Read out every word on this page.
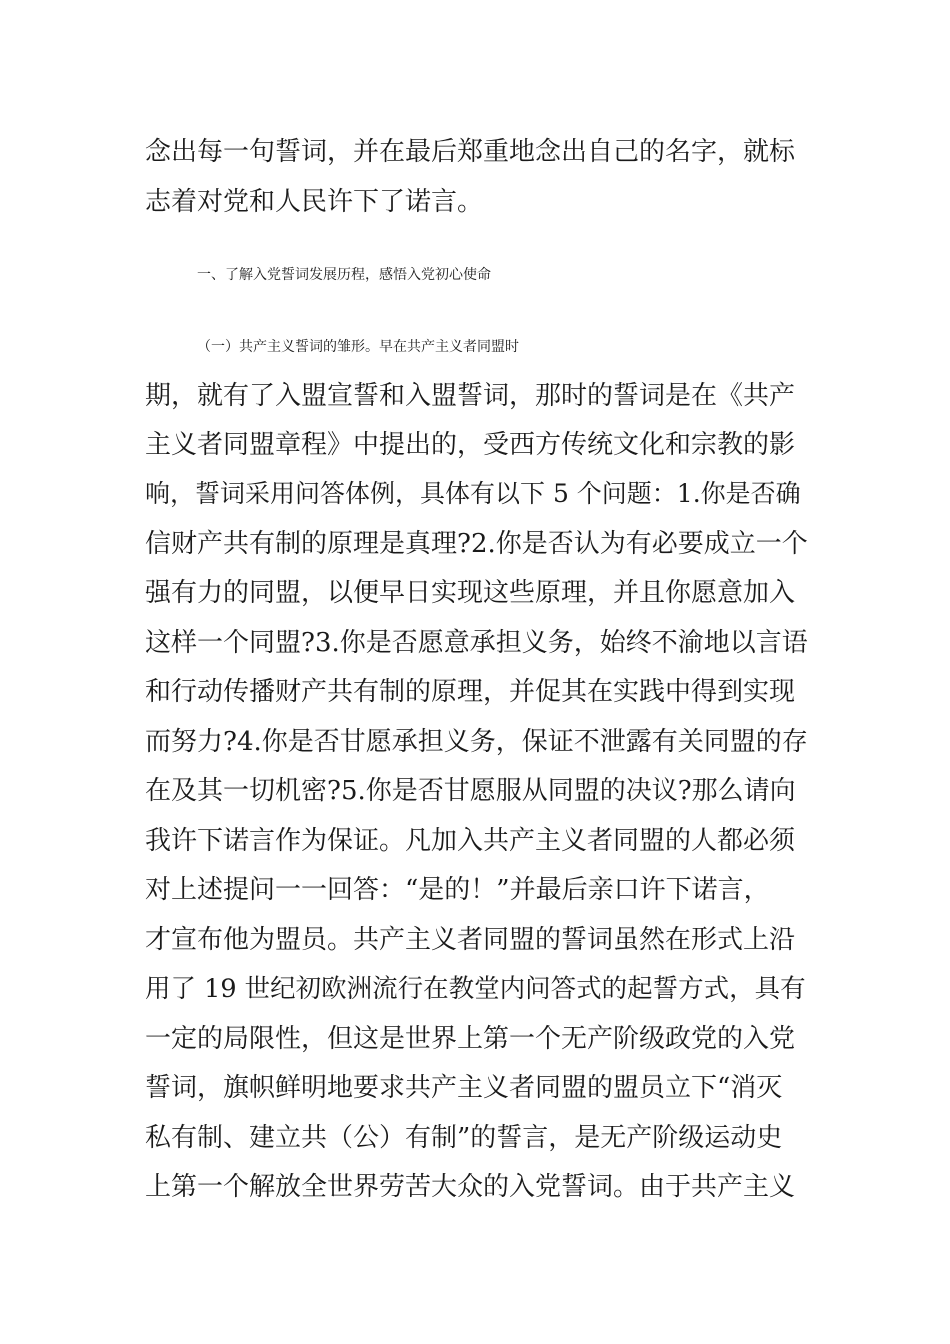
念出每一句誓词，并在最后郑重地念出自己的名字，就标
志着对党和人民许下了诺言。
一、了解入党誓词发展历程，感悟入党初心使命
（一）共产主义誓词的雏形。早在共产主义者同盟时
期，就有了入盟宣誓和入盟誓词，那时的誓词是在《共产
主义者同盟章程》中提出的，受西方传统文化和宗教的影
响，誓词采用问答体例，具体有以下 5 个问题：1.你是否确
信财产共有制的原理是真理?2.你是否认为有必要成立一个
强有力的同盟，以便早日实现这些原理，并且你愿意加入
这样一个同盟?3.你是否愿意承担义务，始终不渝地以言语
和行动传播财产共有制的原理，并促其在实践中得到实现
而努力?4.你是否甘愿承担义务，保证不泄露有关同盟的存
在及其一切机密?5.你是否甘愿服从同盟的决议?那么请向
我许下诺言作为保证。凡加入共产主义者同盟的人都必须
对上述提问一一回答：“是的！”并最后亲口许下诺言，
才宣布他为盟员。共产主义者同盟的誓词虽然在形式上沿
用了 19 世纪初欧洲流行在教堂内问答式的起誓方式，具有
一定的局限性，但这是世界上第一个无产阶级政党的入党
誓词，旗帜鲜明地要求共产主义者同盟的盟员立下“消灭
私有制、建立共（公）有制”的誓言，是无产阶级运动史
上第一个解放全世界劳苦大众的入党誓词。由于共产主义
